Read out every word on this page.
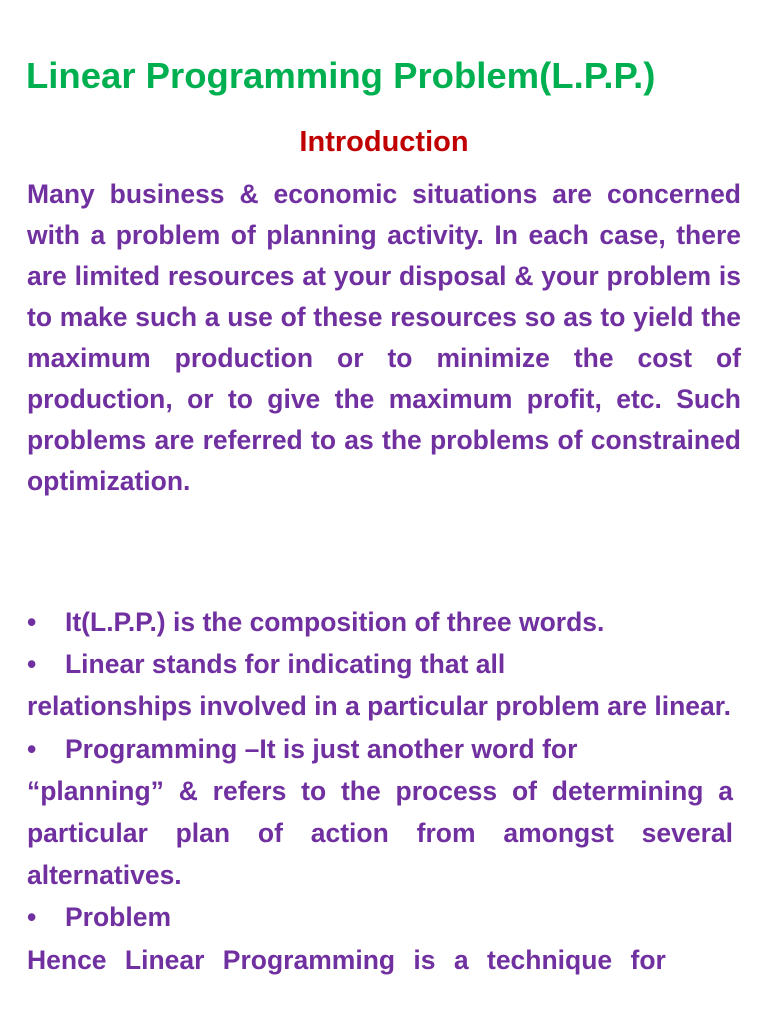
Linear Programming Problem(L.P.P.)
Introduction

Many business & economic situations are concerned with a problem of planning activity. In each case, there are limited resources at your disposal & your problem is to make such a use of these resources so as to yield the maximum production or to minimize the cost of production, or to give the maximum profit, etc. Such problems are referred to as the problems of constrained optimization.

• It(L.P.P.) is the composition of three words.
• Linear stands for indicating that all

relationships involved in a particular problem are linear.

• Programming –It is just another word for

“planning” & refers to the process of determining a particular plan of action from amongst several alternatives.

• Problem

Hence Linear Programming is a technique for
